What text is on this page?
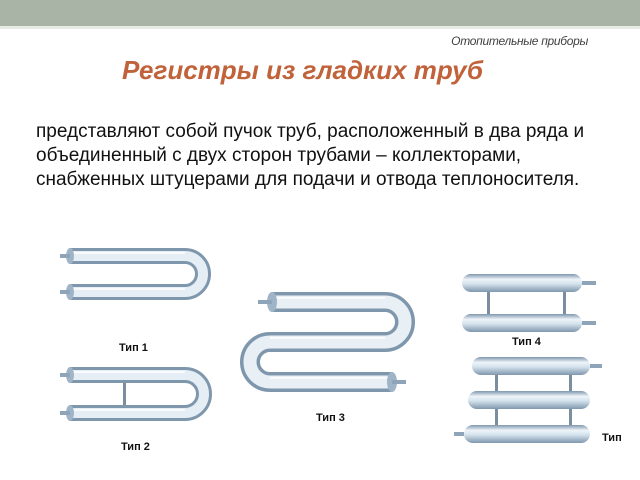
Отопительные приборы
Регистры из гладких труб

представляют собой пучок труб, расположенный в два ряда и объединенный с двух сторон трубами – коллекторами, снабженных штуцерами для подачи и отвода теплоносителя.

Тип 1
Тип 2
Тип 3
Тип 4
Тип
